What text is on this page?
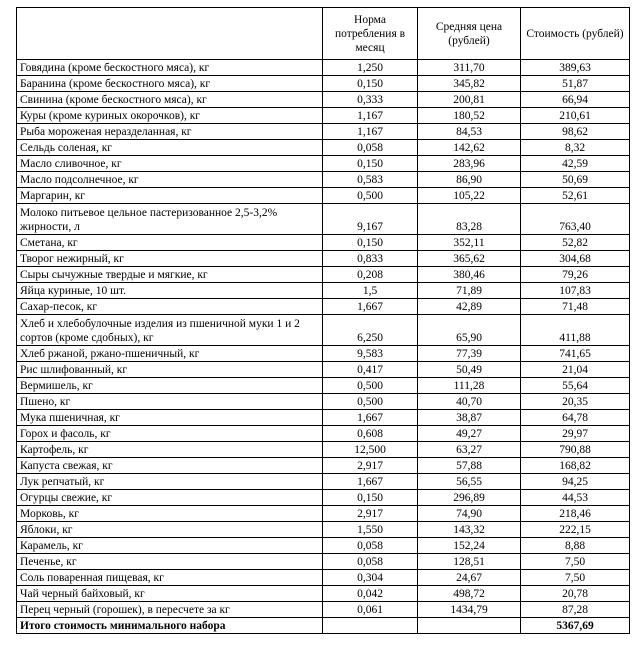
	Норма потребления в месяц	Средняя цена (рублей)	Стоимость (рублей)
Говядина (кроме бескостного мяса), кг	1,250	311,70	389,63
Баранина (кроме бескостного мяса), кг	0,150	345,82	51,87
Свинина (кроме бескостного мяса), кг	0,333	200,81	66,94
Куры (кроме куриных окорочков), кг	1,167	180,52	210,61
Рыба мороженая неразделанная, кг	1,167	84,53	98,62
Сельдь соленая, кг	0,058	142,62	8,32
Масло сливочное, кг	0,150	283,96	42,59
Масло подсолнечное, кг	0,583	86,90	50,69
Маргарин, кг	0,500	105,22	52,61
Молоко питьевое цельное пастеризованное 2,5-3,2% жирности, л	9,167	83,28	763,40
Сметана, кг	0,150	352,11	52,82
Творог нежирный, кг	0,833	365,62	304,68
Сыры сычужные твердые и мягкие, кг	0,208	380,46	79,26
Яйца куриные, 10 шт.	1,5	71,89	107,83
Сахар-песок, кг	1,667	42,89	71,48
Хлеб и хлебобулочные изделия из пшеничной муки 1 и 2 сортов (кроме сдобных), кг	6,250	65,90	411,88
Хлеб ржаной, ржано-пшеничный, кг	9,583	77,39	741,65
Рис шлифованный, кг	0,417	50,49	21,04
Вермишель, кг	0,500	111,28	55,64
Пшено, кг	0,500	40,70	20,35
Мука пшеничная, кг	1,667	38,87	64,78
Горох и фасоль, кг	0,608	49,27	29,97
Картофель, кг	12,500	63,27	790,88
Капуста свежая, кг	2,917	57,88	168,82
Лук репчатый, кг	1,667	56,55	94,25
Огурцы свежие, кг	0,150	296,89	44,53
Морковь, кг	2,917	74,90	218,46
Яблоки, кг	1,550	143,32	222,15
Карамель, кг	0,058	152,24	8,88
Печенье, кг	0,058	128,51	7,50
Соль поваренная пищевая, кг	0,304	24,67	7,50
Чай черный байховый, кг	0,042	498,72	20,78
Перец черный (горошек), в пересчете за кг	0,061	1434,79	87,28
Итого стоимость минимального набора			5367,69
